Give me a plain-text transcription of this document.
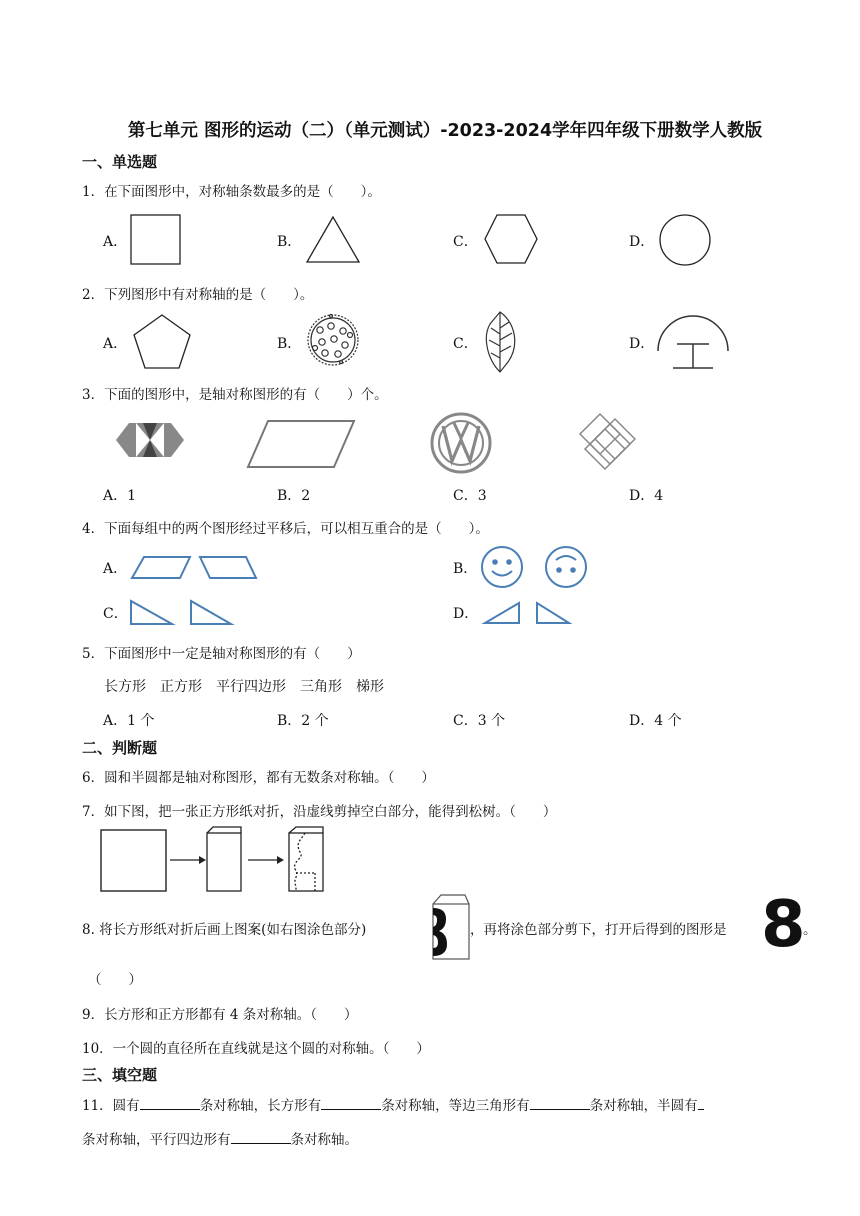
第七单元 图形的运动（二）（单元测试）-2023-2024学年四年级下册数学人教版
一、单选题
1．在下面图形中，对称轴条数最多的是（　　）。
A．	B．	C．	D．
2．下列图形中有对称轴的是（　　）。
A．	B．	C．	D．
3．下面的图形中，是轴对称图形的有（　　）个。
A．1	B．2	C．3	D．4
4．下面每组中的两个图形经过平移后，可以相互重合的是（　　）。
A．	B．
C．	D．
5．下面图形中一定是轴对称图形的有（　　）
长方形　正方形　平行四边形　三角形　梯形
A．1 个	B．2 个	C．3 个	D．4 个
二、判断题
6．圆和半圆都是轴对称图形，都有无数条对称轴。（　　）
7．如下图，把一张正方形纸对折，沿虚线剪掉空白部分，能得到松树。（　　）
8. 将长方形纸对折后画上图案(如右图涂色部分)	，再将涂色部分剪下，打开后得到的图形是 8
。
（　　）
9．长方形和正方形都有 4 条对称轴。（　　）
10．一个圆的直径所在直线就是这个圆的对称轴。（　　）
三、填空题
11．圆有	条对称轴，长方形有	条对称轴，等边三角形有	条对称轴，半圆有
条对称轴，平行四边形有	条对称轴。
